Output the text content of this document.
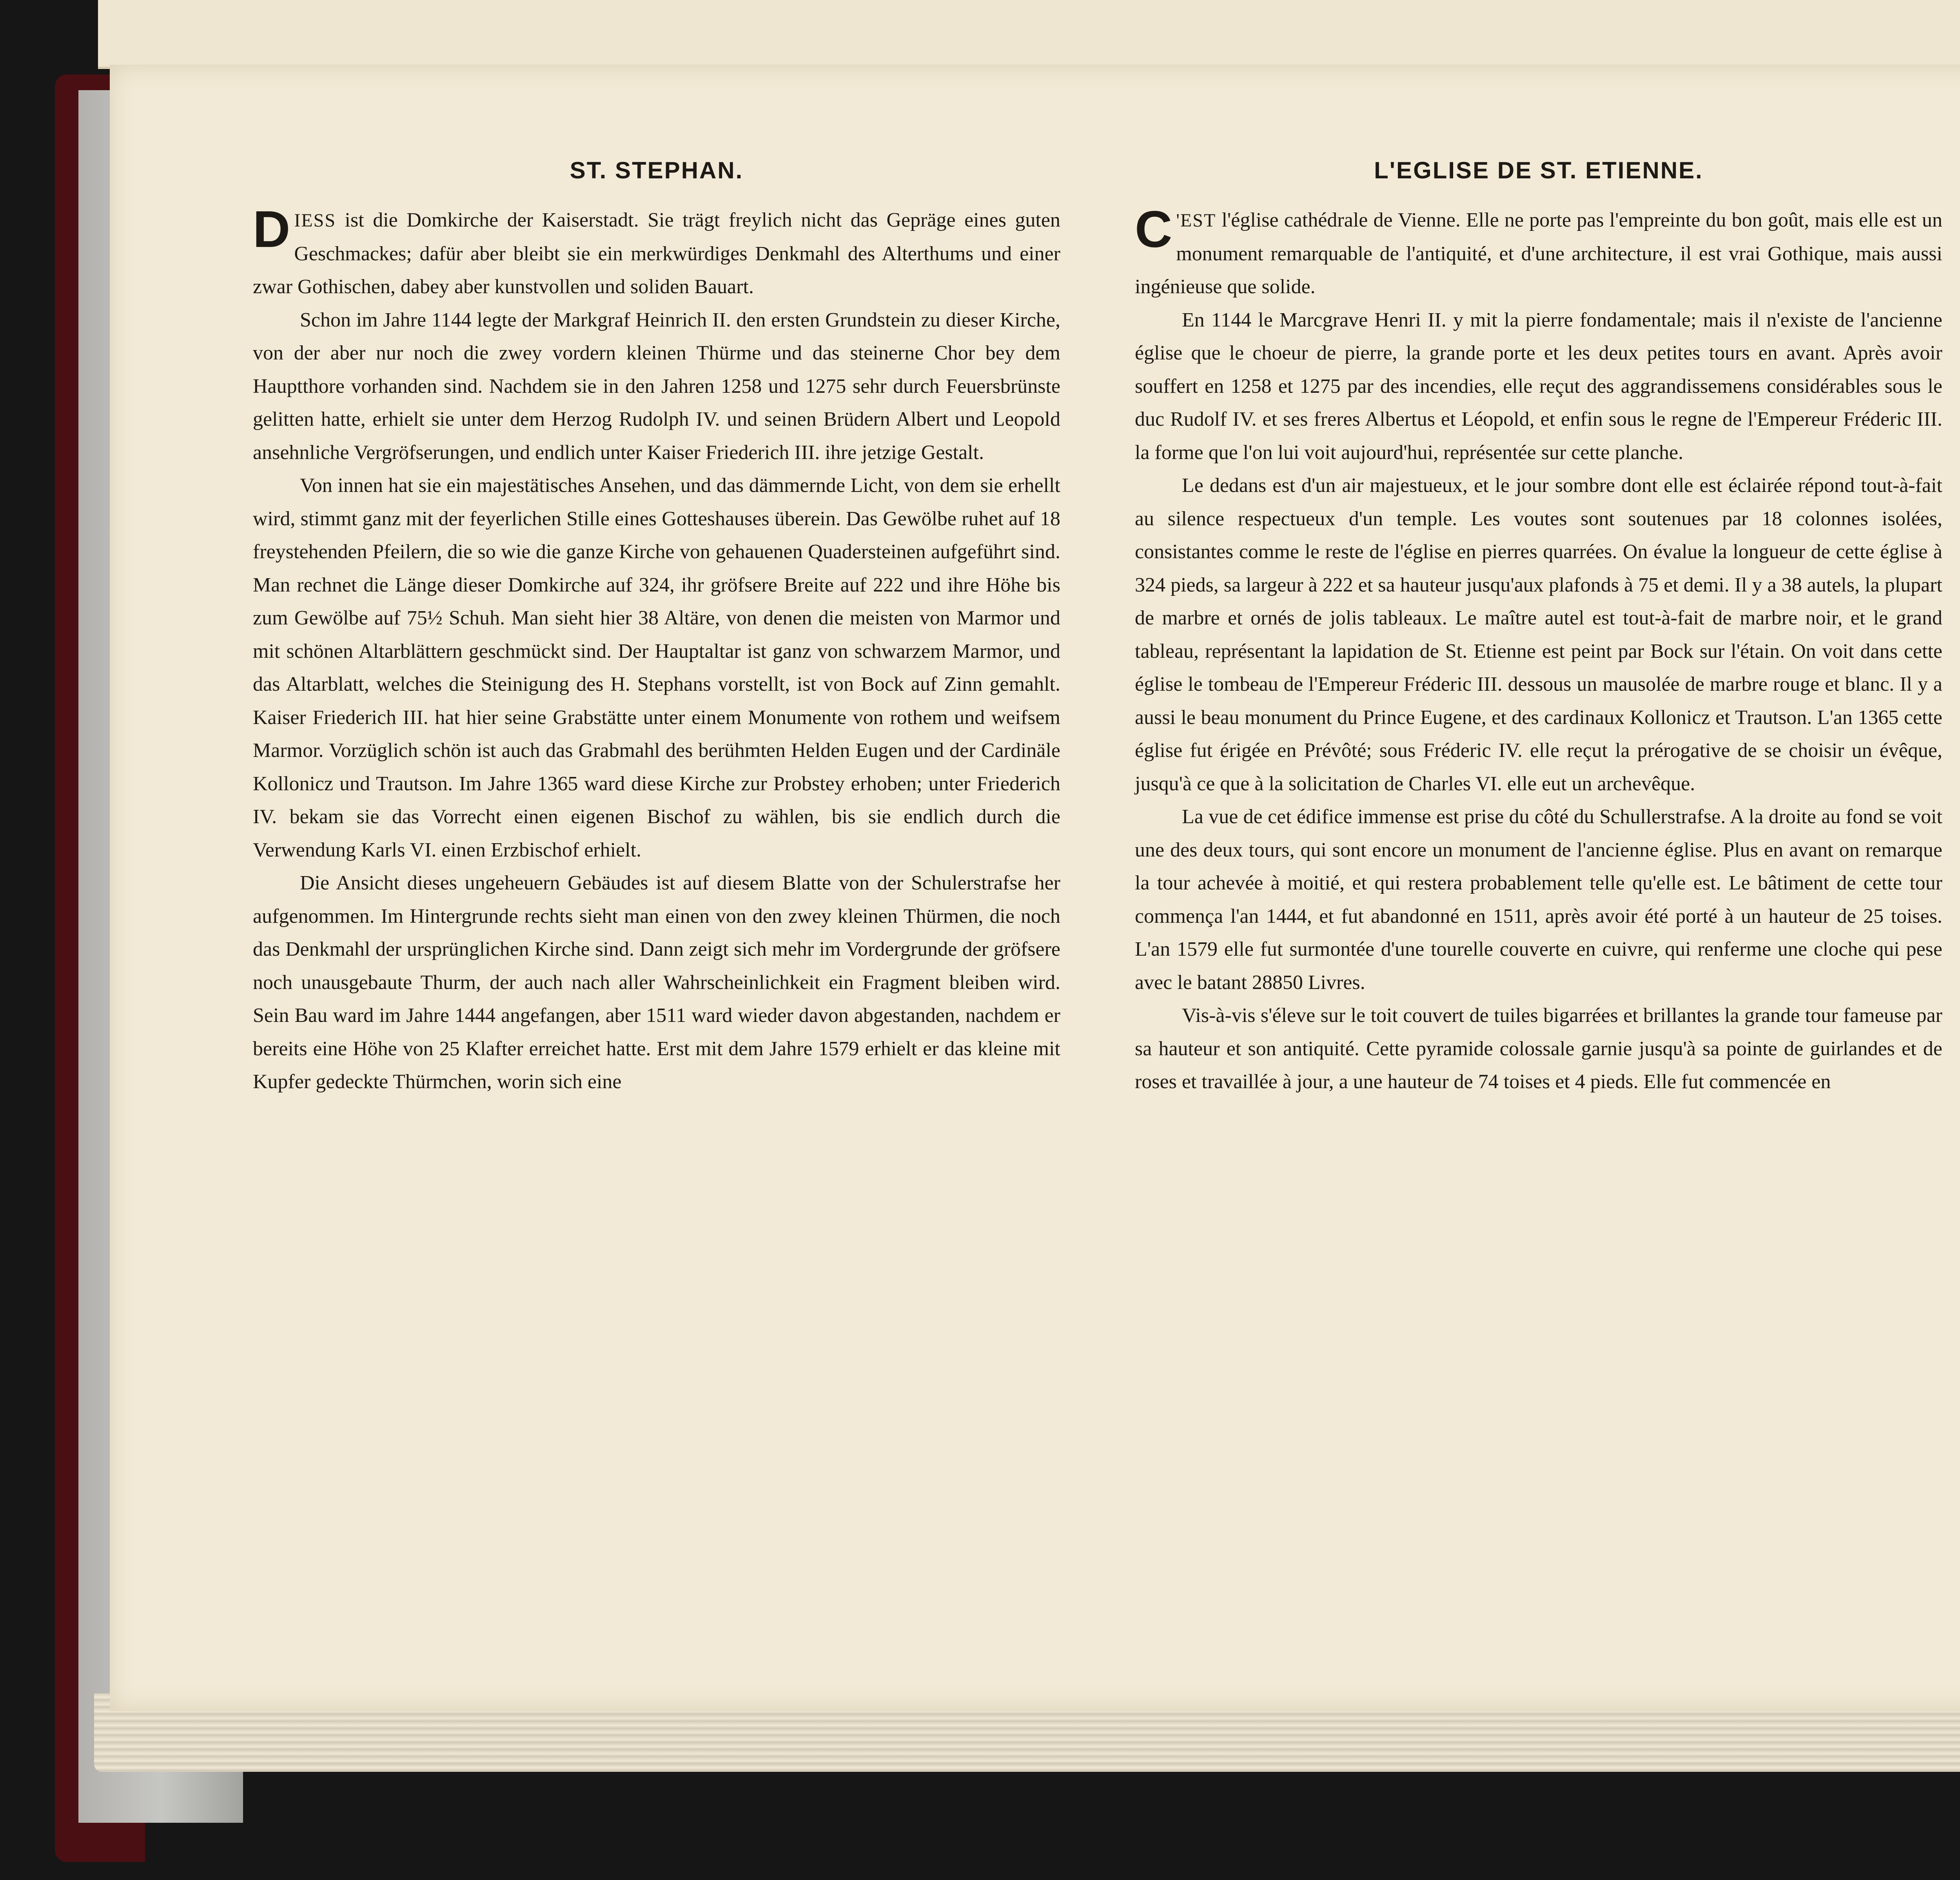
ST. STEPHAN.

DIESS ist die Domkirche der Kaiserstadt. Sie trägt freylich nicht das Gepräge eines guten Geschmackes; dafür aber bleibt sie ein merkwürdiges Denkmahl des Alterthums und einer zwar Gothischen, dabey aber kunstvollen und soliden Bauart.

Schon im Jahre 1144 legte der Markgraf Heinrich II. den ersten Grundstein zu dieser Kirche, von der aber nur noch die zwey vordern kleinen Thürme und das steinerne Chor bey dem Hauptthore vorhanden sind. Nachdem sie in den Jahren 1258 und 1275 sehr durch Feuersbrünste gelitten hatte, erhielt sie unter dem Herzog Rudolph IV. und seinen Brüdern Albert und Leopold ansehnliche Vergröfserungen, und endlich unter Kaiser Friederich III. ihre jetzige Gestalt.

Von innen hat sie ein majestätisches Ansehen, und das dämmernde Licht, von dem sie erhellt wird, stimmt ganz mit der feyerlichen Stille eines Gotteshauses überein. Das Gewölbe ruhet auf 18 freystehenden Pfeilern, die so wie die ganze Kirche von gehauenen Quadersteinen aufgeführt sind. Man rechnet die Länge dieser Domkirche auf 324, ihr gröfsere Breite auf 222 und ihre Höhe bis zum Gewölbe auf 75½ Schuh. Man sieht hier 38 Altäre, von denen die meisten von Marmor und mit schönen Altarblättern geschmückt sind. Der Hauptaltar ist ganz von schwarzem Marmor, und das Altarblatt, welches die Steinigung des H. Stephans vorstellt, ist von Bock auf Zinn gemahlt. Kaiser Friederich III. hat hier seine Grabstätte unter einem Monumente von rothem und weifsem Marmor. Vorzüglich schön ist auch das Grabmahl des berühmten Helden Eugen und der Cardinäle Kollonicz und Trautson. Im Jahre 1365 ward diese Kirche zur Probstey erhoben; unter Friederich IV. bekam sie das Vorrecht einen eigenen Bischof zu wählen, bis sie endlich durch die Verwendung Karls VI. einen Erzbischof erhielt.

Die Ansicht dieses ungeheuern Gebäudes ist auf diesem Blatte von der Schulerstrafse her aufgenommen. Im Hintergrunde rechts sieht man einen von den zwey kleinen Thürmen, die noch das Denkmahl der ursprünglichen Kirche sind. Dann zeigt sich mehr im Vordergrunde der gröfsere noch unausgebaute Thurm, der auch nach aller Wahrscheinlichkeit ein Fragment bleiben wird. Sein Bau ward im Jahre 1444 angefangen, aber 1511 ward wieder davon abgestanden, nachdem er bereits eine Höhe von 25 Klafter erreichet hatte. Erst mit dem Jahre 1579 erhielt er das kleine mit Kupfer gedeckte Thürmchen, worin sich eine

L'EGLISE DE ST. ETIENNE.

C 'EST l'église cathédrale de Vienne. Elle ne porte pas l'empreinte du bon goût, mais elle est un monument remarquable de l'antiquité, et d'une architecture, il est vrai Gothique, mais aussi ingénieuse que solide.

En 1144 le Marcgrave Henri II. y mit la pierre fondamentale; mais il n'existe de l'ancienne église que le choeur de pierre, la grande porte et les deux petites tours en avant. Après avoir souffert en 1258 et 1275 par des incendies, elle reçut des aggrandissemens considérables sous le duc Rudolf IV. et ses freres Albertus et Léopold, et enfin sous le regne de l'Empereur Fréderic III. la forme que l'on lui voit aujourd'hui, représentée sur cette planche.

Le dedans est d'un air majestueux, et le jour sombre dont elle est éclairée répond tout-à-fait au silence respectueux d'un temple. Les voutes sont soutenues par 18 colonnes isolées, consistantes comme le reste de l'église en pierres quarrées. On évalue la longueur de cette église à 324 pieds, sa largeur à 222 et sa hauteur jusqu'aux plafonds à 75 et demi. Il y a 38 autels, la plupart de marbre et ornés de jolis tableaux. Le maître autel est tout-à-fait de marbre noir, et le grand tableau, représentant la lapidation de St. Etienne est peint par Bock sur l'étain. On voit dans cette église le tombeau de l'Empereur Fréderic III. dessous un mausolée de marbre rouge et blanc. Il y a aussi le beau monument du Prince Eugene, et des cardinaux Kollonicz et Trautson. L'an 1365 cette église fut érigée en Prévôté; sous Fréderic IV. elle reçut la prérogative de se choisir un évêque, jusqu'à ce que à la solicitation de Charles VI. elle eut un archevêque.

La vue de cet édifice immense est prise du côté du Schullerstrafse. A la droite au fond se voit une des deux tours, qui sont encore un monument de l'ancienne église. Plus en avant on remarque la tour achevée à moitié, et qui restera probablement telle qu'elle est. Le bâtiment de cette tour commença l'an 1444, et fut abandonné en 1511, après avoir été porté à un hauteur de 25 toises. L'an 1579 elle fut surmontée d'une tourelle couverte en cuivre, qui renferme une cloche qui pese avec le batant 28850 Livres.

Vis-à-vis s'éleve sur le toit couvert de tuiles bigarrées et brillantes la grande tour fameuse par sa hauteur et son antiquité. Cette pyramide colossale garnie jusqu'à sa pointe de guirlandes et de roses et travaillée à jour, a une hauteur de 74 toises et 4 pieds. Elle fut commencée en
